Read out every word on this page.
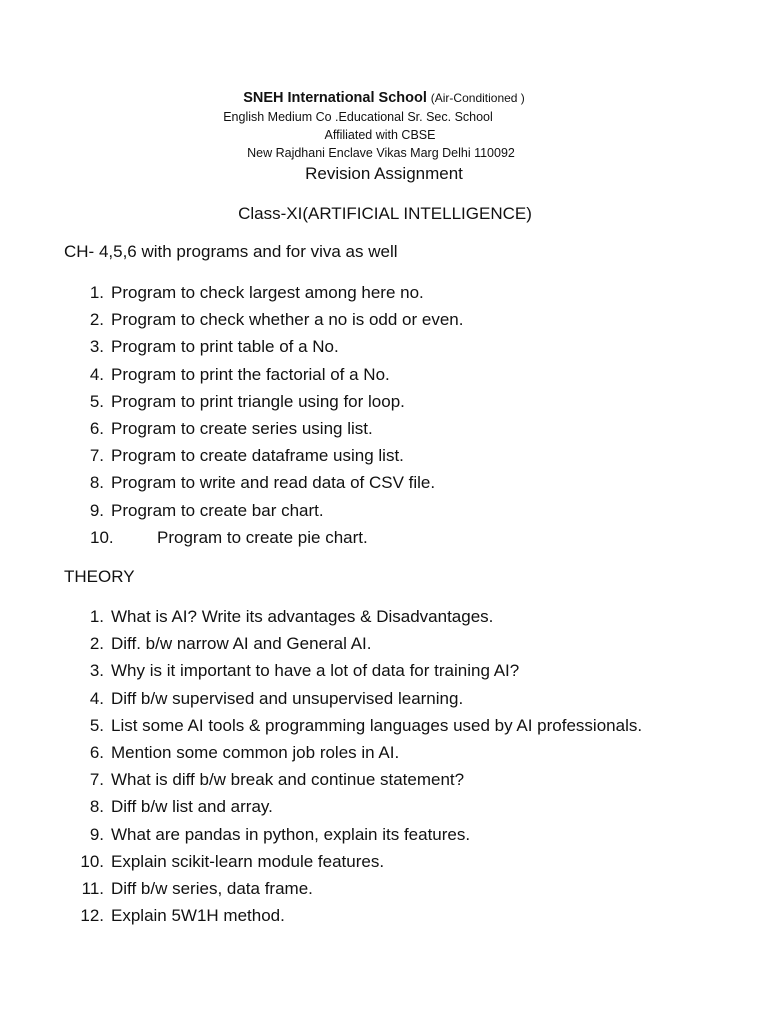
SNEH International School (Air-Conditioned )
English Medium Co .Educational Sr. Sec. School
Affiliated with CBSE
New Rajdhani Enclave Vikas Marg Delhi 110092
Revision Assignment
Class-XI(ARTIFICIAL INTELLIGENCE)
CH- 4,5,6 with programs and for viva as well
1. Program to check largest among here no.
2. Program to check whether a no is odd or even.
3. Program to print table of a No.
4. Program to print the factorial of a No.
5. Program to print triangle using for loop.
6. Program to create series using list.
7. Program to create dataframe using list.
8. Program to write and read data of CSV file.
9. Program to create bar chart.
10.	Program to create pie chart.
THEORY
1. What is AI? Write its advantages & Disadvantages.
2. Diff. b/w narrow AI and General AI.
3. Why is it important to have a lot of data for training AI?
4. Diff b/w supervised and unsupervised learning.
5. List some AI tools & programming languages used by AI professionals.
6. Mention some common job roles in AI.
7. What is diff b/w break and continue statement?
8. Diff b/w list and array.
9. What are pandas in python, explain its features.
10. Explain scikit-learn module features.
11. Diff b/w series, data frame.
12. Explain 5W1H method.
